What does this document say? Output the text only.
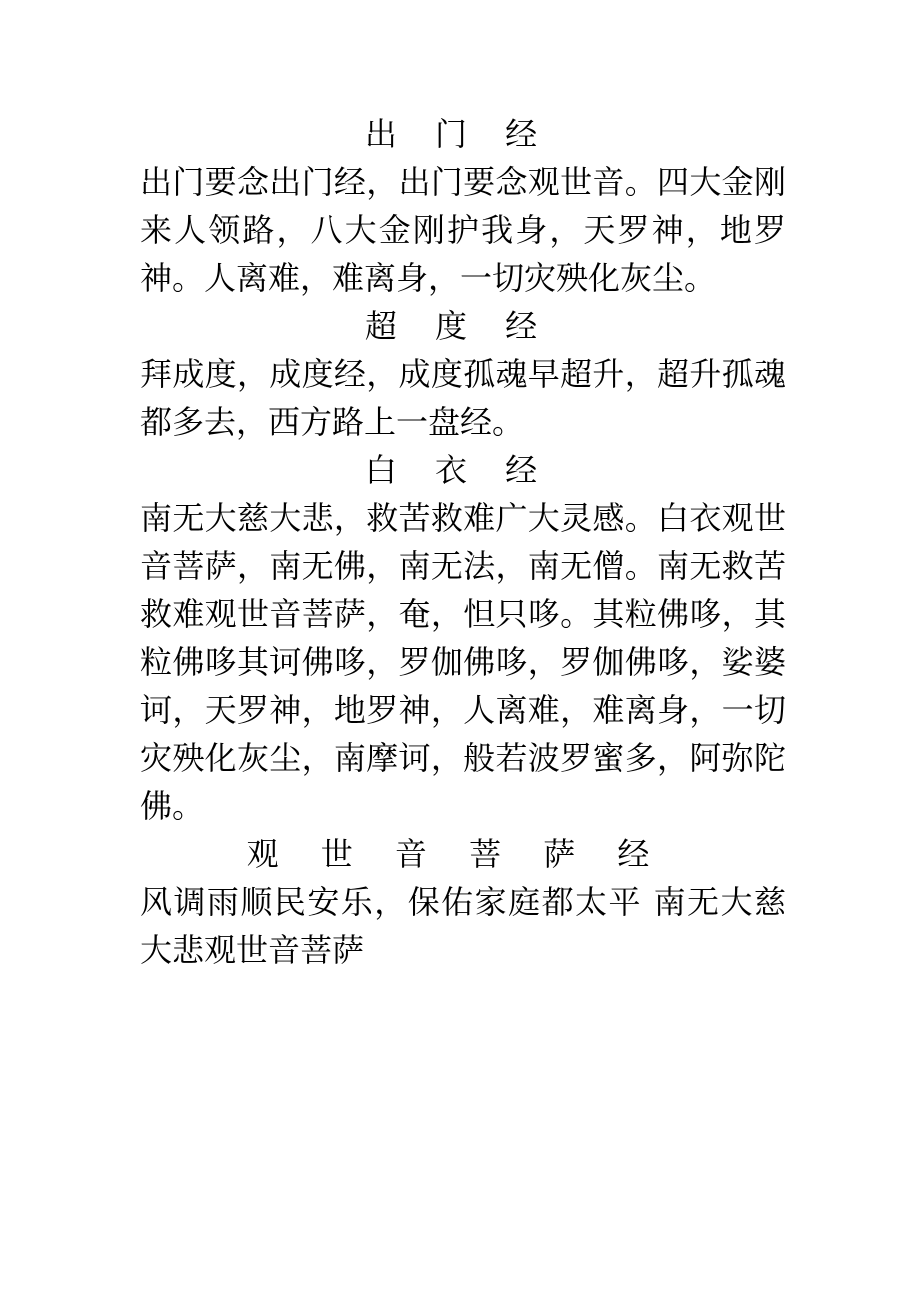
出 门 经

出门要念出门经，出门要念观世音。四大金刚来人领路，八大金刚护我身，天罗神，地罗神。人离难，难离身，一切灾殃化灰尘。

超 度 经

拜成度，成度经，成度孤魂早超升，超升孤魂都多去，西方路上一盘经。

白 衣 经

南无大慈大悲，救苦救难广大灵感。白衣观世音菩萨，南无佛，南无法，南无僧。南无救苦救难观世音菩萨，奄，怛只哆。其粒佛哆，其粒佛哆其诃佛哆，罗伽佛哆，罗伽佛哆，娑婆诃，天罗神，地罗神，人离难，难离身，一切灾殃化灰尘，南摩诃，般若波罗蜜多，阿弥陀佛。

观 世 音 菩 萨 经

风调雨顺民安乐，保佑家庭都太平 南无大慈大悲观世音菩萨
